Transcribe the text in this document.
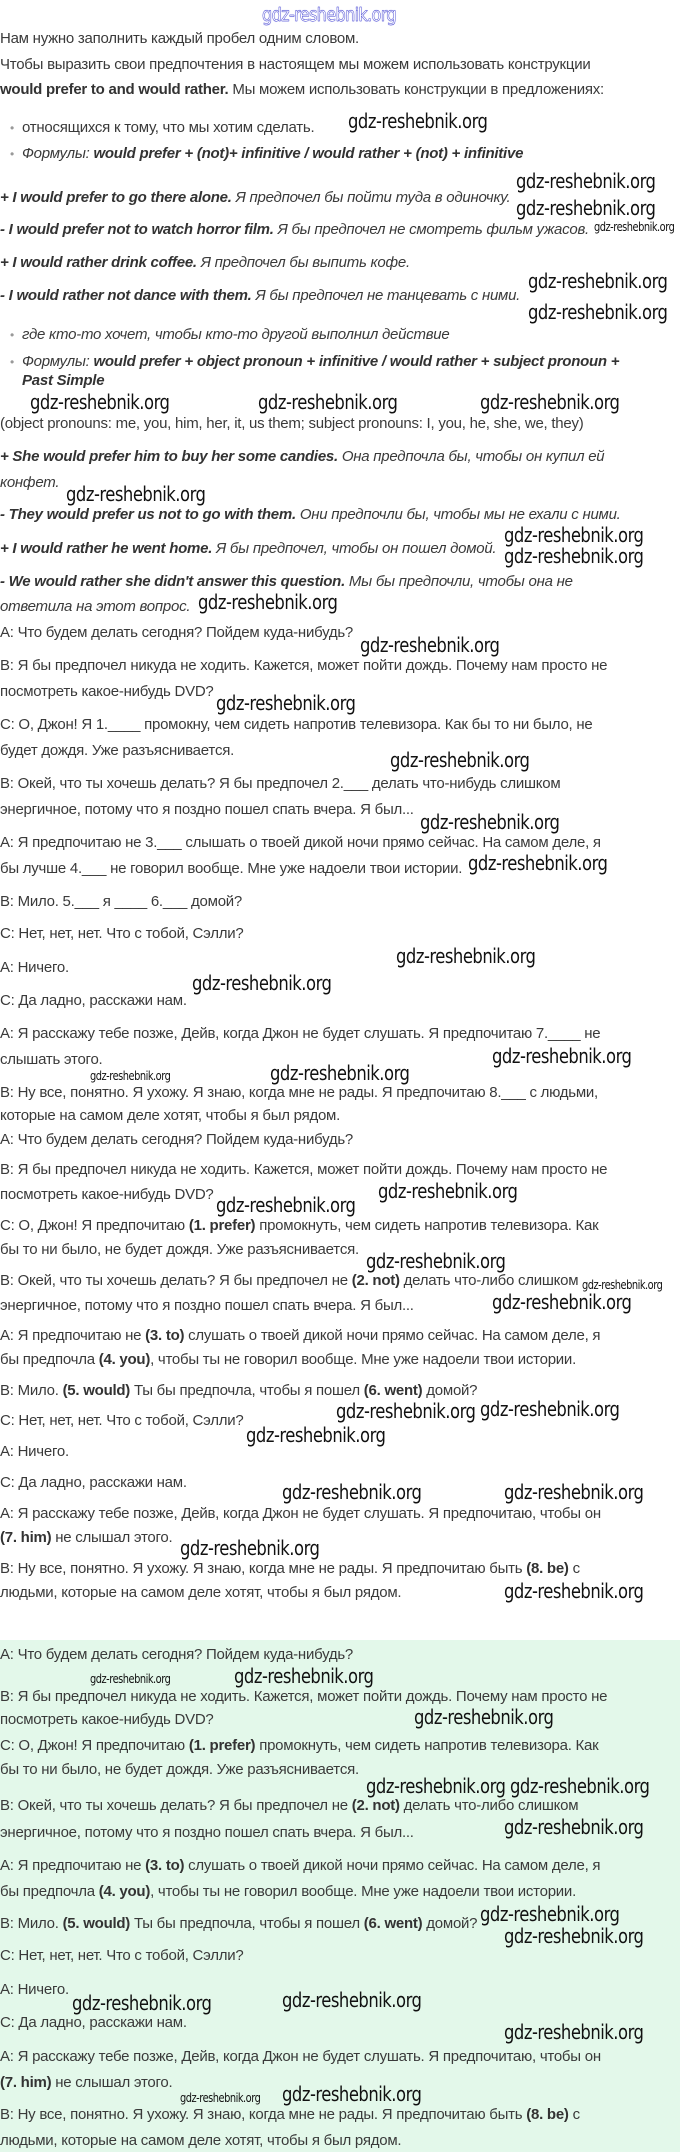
gdz-reshebnik.org
Нам нужно заполнить каждый пробел одним словом.
Чтобы выразить свои предпочтения в настоящем мы можем использовать конструкции
would prefer to and would rather. Мы можем использовать конструкции в предложениях:
• относящихся к тому, что мы хотим сделать.
• Формулы: would prefer + (not)+ infinitive / would rather + (not) + infinitive
+ I would prefer to go there alone. Я предпочел бы пойти туда в одиночку.
- I would prefer not to watch horror film. Я бы предпочел не смотреть фильм ужасов.
+ I would rather drink coffee. Я предпочел бы выпить кофе.
- I would rather not dance with them. Я бы предпочел не танцевать с ними.
• где кто-то хочет, чтобы кто-то другой выполнил действие
• Формулы: would prefer + object pronoun + infinitive / would rather + subject pronoun +
Past Simple
(object pronouns: me, you, him, her, it, us them; subject pronouns: I, you, he, she, we, they)
+ She would prefer him to buy her some candies. Она предпочла бы, чтобы он купил ей
конфет.
- They would prefer us not to go with them. Они предпочли бы, чтобы мы не ехали с ними.
+ I would rather he went home. Я бы предпочел, чтобы он пошел домой.
- We would rather she didn't answer this question. Мы бы предпочли, чтобы она не
ответила на этот вопрос.
A: Что будем делать сегодня? Пойдем куда-нибудь?
B: Я бы предпочел никуда не ходить. Кажется, может пойти дождь. Почему нам просто не
посмотреть какое-нибудь DVD?
C: O, Джон! Я 1.____ промокну, чем сидеть напротив телевизора. Как бы то ни было, не
будет дождя. Уже разъясниваетcя.
B: Окей, что ты хочешь делать? Я бы предпочел 2.___ делать что-нибудь слишком
энергичное, потому что я поздно пошел спать вчера. Я был...
A: Я предпочитаю не 3.___ слышать о твоей дикой ночи прямо сейчас. На самом деле, я
бы лучше 4.___ не говорил вообще. Мне уже надоели твои истории.
B: Мило. 5.___ я ____ 6.___ домой?
C: Нет, нет, нет. Что с тобой, Сэлли?
A: Ничего.
C: Да ладно, расскажи нам.
A: Я расскажу тебе позже, Дейв, когда Джон не будет слушать. Я предпочитаю 7.____ не
слышать этого.
B: Ну все, понятно. Я ухожу. Я знаю, когда мне не рады. Я предпочитаю 8.___ с людьми,
которые на самом деле хотят, чтобы я был рядом.
A: Что будем делать сегодня? Пойдем куда-нибудь?
B: Я бы предпочел никуда не ходить. Кажется, может пойти дождь. Почему нам просто не
посмотреть какое-нибудь DVD?
C: O, Джон! Я предпочитаю (1. prefer) промокнуть, чем сидеть напротив телевизора. Как
бы то ни было, не будет дождя. Уже разъясниваетcя.
B: Окей, что ты хочешь делать? Я бы предпочел не (2. not) делать что-либо слишком
энергичное, потому что я поздно пошел спать вчера. Я был...
A: Я предпочитаю не (3. to) слушать о твоей дикой ночи прямо сейчас. На самом деле, я
бы предпочла (4. you), чтобы ты не говорил вообще. Мне уже надоели твои истории.
B: Мило. (5. would) Ты бы предпочла, чтобы я пошел (6. went) домой?
C: Нет, нет, нет. Что с тобой, Сэлли?
A: Ничего.
C: Да ладно, расскажи нам.
A: Я расскажу тебе позже, Дейв, когда Джон не будет слушать. Я предпочитаю, чтобы он
(7. him) не слышал этого.
B: Ну все, понятно. Я ухожу. Я знаю, когда мне не рады. Я предпочитаю быть (8. be) с
людьми, которые на самом деле хотят, чтобы я был рядом.
A: Что будем делать сегодня? Пойдем куда-нибудь?
B: Я бы предпочел никуда не ходить. Кажется, может пойти дождь. Почему нам просто не
посмотреть какое-нибудь DVD?
C: O, Джон! Я предпочитаю (1. prefer) промокнуть, чем сидеть напротив телевизора. Как
бы то ни было, не будет дождя. Уже разъясниваетcя.
B: Окей, что ты хочешь делать? Я бы предпочел не (2. not) делать что-либо слишком
энергичное, потому что я поздно пошел спать вчера. Я был...
A: Я предпочитаю не (3. to) слушать о твоей дикой ночи прямо сейчас. На самом деле, я
бы предпочла (4. you), чтобы ты не говорил вообще. Мне уже надоели твои истории.
B: Мило. (5. would) Ты бы предпочла, чтобы я пошел (6. went) домой?
C: Нет, нет, нет. Что с тобой, Сэлли?
A: Ничего.
C: Да ладно, расскажи нам.
A: Я расскажу тебе позже, Дейв, когда Джон не будет слушать. Я предпочитаю, чтобы он
(7. him) не слышал этого.
B: Ну все, понятно. Я ухожу. Я знаю, когда мне не рады. Я предпочитаю быть (8. be) с
людьми, которые на самом деле хотят, чтобы я был рядом.
gdz-reshebnik.org
gdz-reshebnik.org
gdz-reshebnik.org
gdz-reshebnik.org
gdz-reshebnik.org
gdz-reshebnik.org
gdz-reshebnik.org	gdz-reshebnik.org	gdz-reshebnik.org
gdz-reshebnik.org
gdz-reshebnik.org
gdz-reshebnik.org
gdz-reshebnik.org
gdz-reshebnik.org
gdz-reshebnik.org
gdz-reshebnik.org
gdz-reshebnik.org
gdz-reshebnik.org
gdz-reshebnik.org
gdz-reshebnik.org
gdz-reshebnik.org
gdz-reshebnik.org	gdz-reshebnik.org
gdz-reshebnik.org
gdz-reshebnik.org
gdz-reshebnik.org
gdz-reshebnik.org
gdz-reshebnik.org
gdz-reshebnik.org
gdz-reshebnik.org
gdz-reshebnik.org
gdz-reshebnik.org	gdz-reshebnik.org
gdz-reshebnik.org
gdz-reshebnik.org
gdz-reshebnik.org
gdz-reshebnik.org
gdz-reshebnik.org
gdz-reshebnik.org gdz-reshebnik.org
gdz-reshebnik.org
gdz-reshebnik.org
gdz-reshebnik.org
gdz-reshebnik.org	gdz-reshebnik.org
gdz-reshebnik.org
gdz-reshebnik.org gdz-reshebnik.org
